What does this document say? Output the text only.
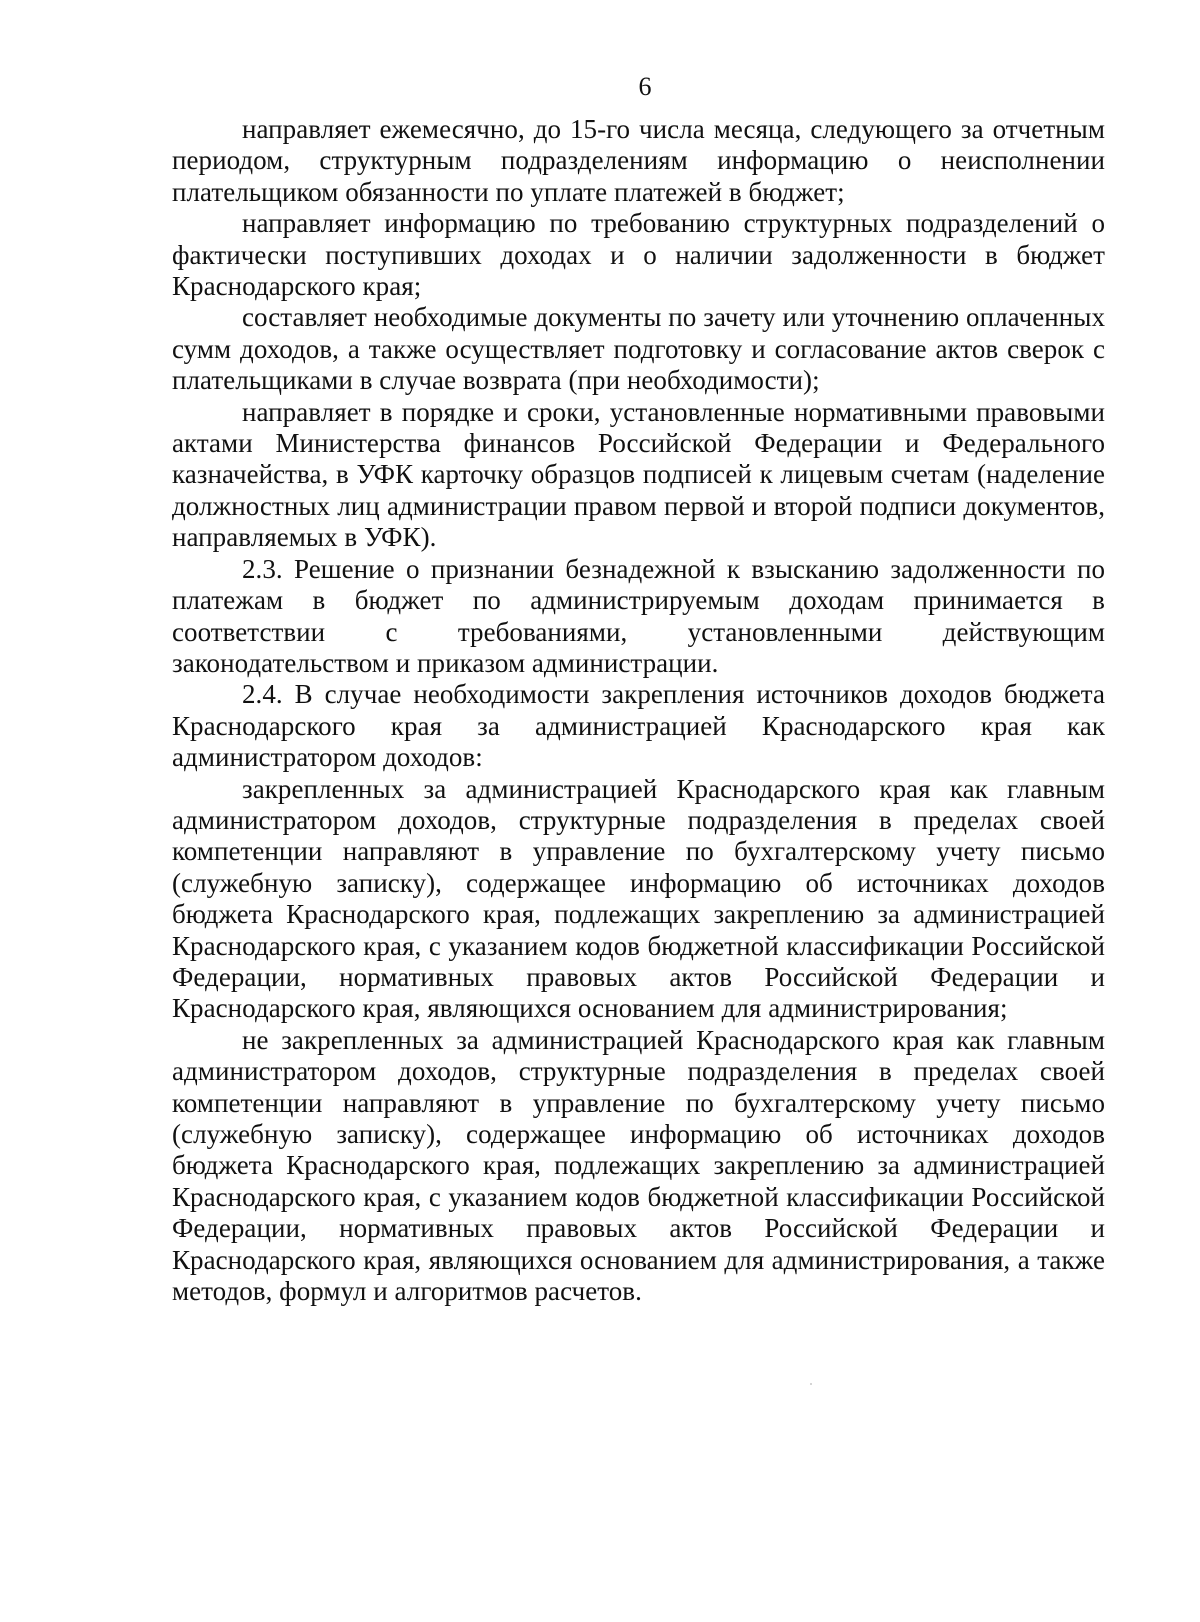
6

направляет ежемесячно, до 15-го числа месяца, следующего за отчетным периодом, структурным подразделениям информацию о неисполнении плательщиком обязанности по уплате платежей в бюджет;

направляет информацию по требованию структурных подразделений о фактически поступивших доходах и о наличии задолженности в бюджет Краснодарского края;

составляет необходимые документы по зачету или уточнению оплаченных сумм доходов, а также осуществляет подготовку и согласование актов сверок с плательщиками в случае возврата (при необходимости);

направляет в порядке и сроки, установленные нормативными правовыми актами Министерства финансов Российской Федерации и Федерального казначейства, в УФК карточку образцов подписей к лицевым счетам (наделение должностных лиц администрации правом первой и второй подписи документов, направляемых в УФК).

2.3. Решение о признании безнадежной к взысканию задолженности по платежам в бюджет по администрируемым доходам принимается в соответствии с требованиями, установленными действующим законодательством и приказом администрации.

2.4. В случае необходимости закрепления источников доходов бюджета Краснодарского края за администрацией Краснодарского края как администратором доходов:

закрепленных за администрацией Краснодарского края как главным администратором доходов, структурные подразделения в пределах своей компетенции направляют в управление по бухгалтерскому учету письмо (служебную записку), содержащее информацию об источниках доходов бюджета Краснодарского края, подлежащих закреплению за администрацией Краснодарского края, с указанием кодов бюджетной классификации Российской Федерации, нормативных правовых актов Российской Федерации и Краснодарского края, являющихся основанием для администрирования;

не закрепленных за администрацией Краснодарского края как главным администратором доходов, структурные подразделения в пределах своей компетенции направляют в управление по бухгалтерскому учету письмо (служебную записку), содержащее информацию об источниках доходов бюджета Краснодарского края, подлежащих закреплению за администрацией Краснодарского края, с указанием кодов бюджетной классификации Российской Федерации, нормативных правовых актов Российской Федерации и Краснодарского края, являющихся основанием для администрирования, а также методов, формул и алгоритмов расчетов.
